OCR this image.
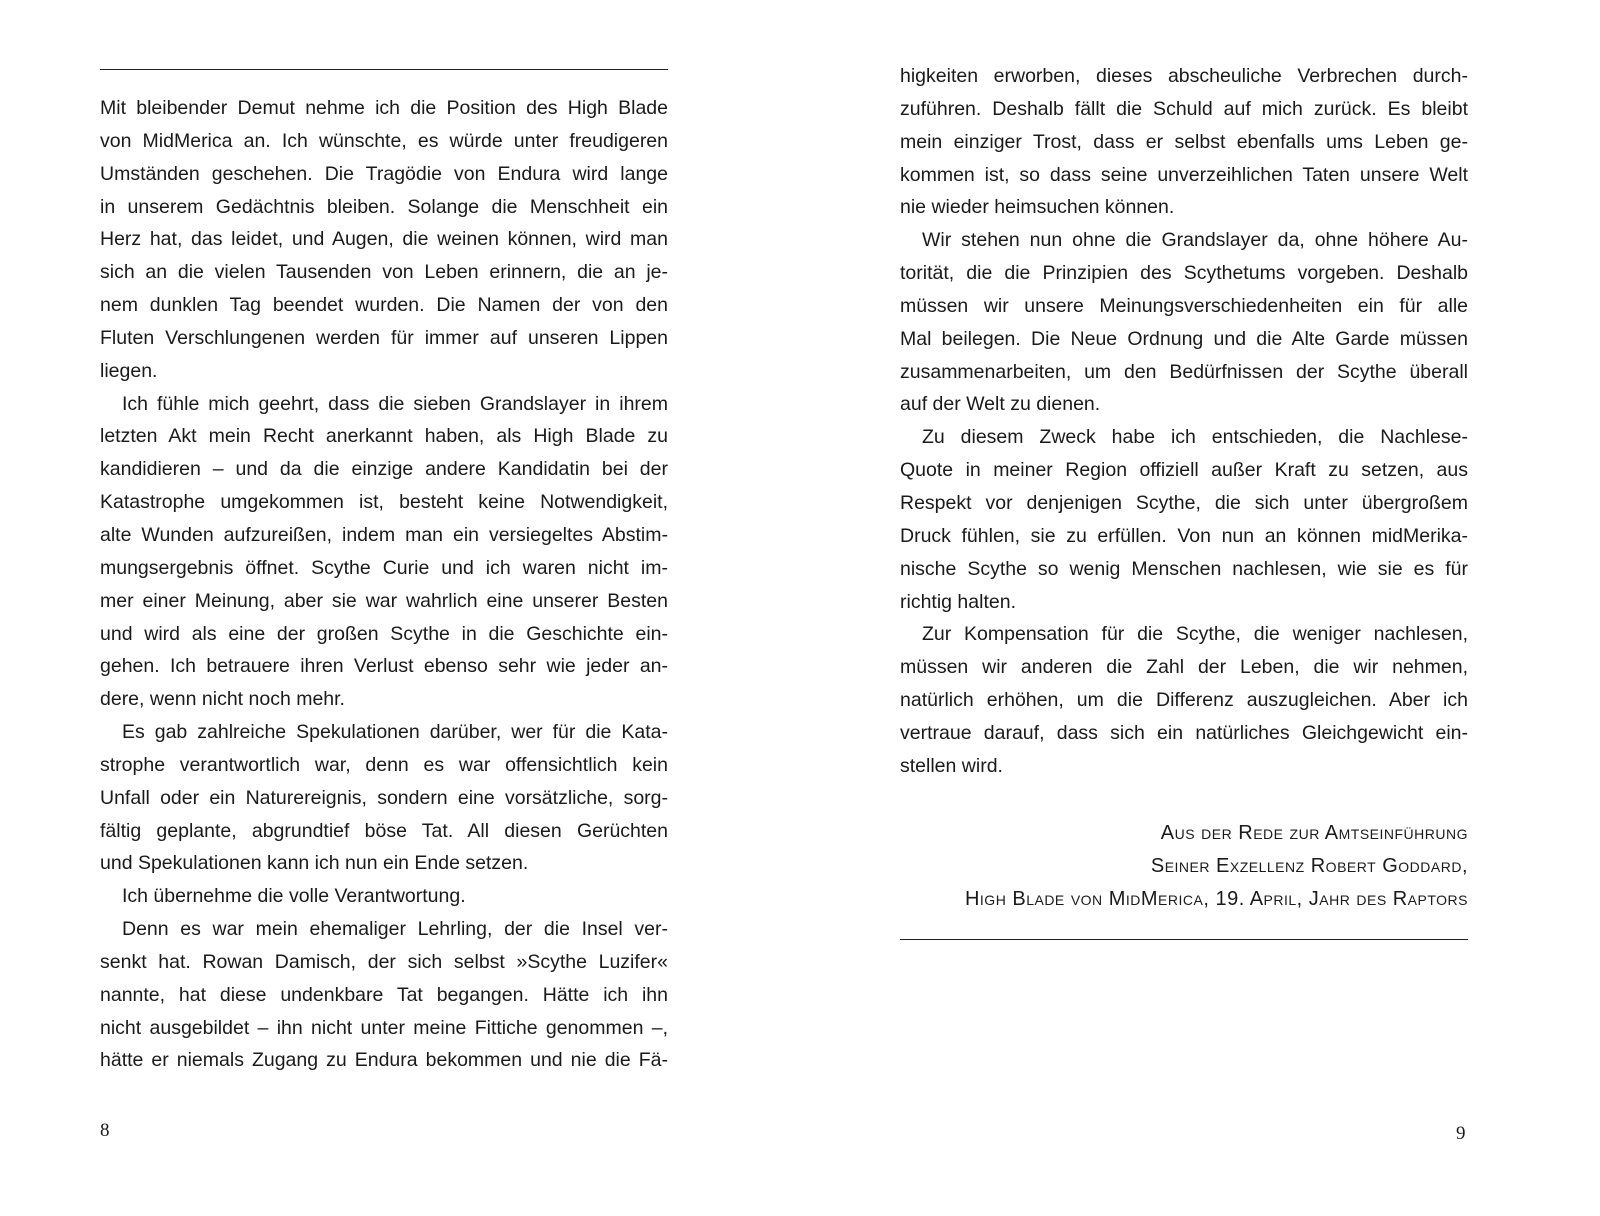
Mit bleibender Demut nehme ich die Position des High Blade
von MidMerica an. Ich wünschte, es würde unter freudigeren
Umständen geschehen. Die Tragödie von Endura wird lange
in unserem Gedächtnis bleiben. Solange die Menschheit ein
Herz hat, das leidet, und Augen, die weinen können, wird man
sich an die vielen Tausenden von Leben erinnern, die an je-
nem dunklen Tag beendet wurden. Die Namen der von den
Fluten Verschlungenen werden für immer auf unseren Lippen
liegen.
Ich fühle mich geehrt, dass die sieben Grandslayer in ihrem
letzten Akt mein Recht anerkannt haben, als High Blade zu
kandidieren – und da die einzige andere Kandidatin bei der
Katastrophe umgekommen ist, besteht keine Notwendigkeit,
alte Wunden aufzureißen, indem man ein versiegeltes Abstim-
mungsergebnis öffnet. Scythe Curie und ich waren nicht im-
mer einer Meinung, aber sie war wahrlich eine unserer Besten
und wird als eine der großen Scythe in die Geschichte ein-
gehen. Ich betrauere ihren Verlust ebenso sehr wie jeder an-
dere, wenn nicht noch mehr.
Es gab zahlreiche Spekulationen darüber, wer für die Kata-
strophe verantwortlich war, denn es war offensichtlich kein
Unfall oder ein Naturereignis, sondern eine vorsätzliche, sorg-
fältig geplante, abgrundtief böse Tat. All diesen Gerüchten
und Spekulationen kann ich nun ein Ende setzen.
Ich übernehme die volle Verantwortung.
Denn es war mein ehemaliger Lehrling, der die Insel ver-
senkt hat. Rowan Damisch, der sich selbst »Scythe Luzifer«
nannte, hat diese undenkbare Tat begangen. Hätte ich ihn
nicht ausgebildet – ihn nicht unter meine Fittiche genommen –,
hätte er niemals Zugang zu Endura bekommen und nie die Fä-
8
higkeiten erworben, dieses abscheuliche Verbrechen durch-
zuführen. Deshalb fällt die Schuld auf mich zurück. Es bleibt
mein einziger Trost, dass er selbst ebenfalls ums Leben ge-
kommen ist, so dass seine unverzeihlichen Taten unsere Welt
nie wieder heimsuchen können.
Wir stehen nun ohne die Grandslayer da, ohne höhere Au-
torität, die die Prinzipien des Scythetums vorgeben. Deshalb
müssen wir unsere Meinungsverschiedenheiten ein für alle
Mal beilegen. Die Neue Ordnung und die Alte Garde müssen
zusammenarbeiten, um den Bedürfnissen der Scythe überall
auf der Welt zu dienen.
Zu diesem Zweck habe ich entschieden, die Nachlese-
Quote in meiner Region offiziell außer Kraft zu setzen, aus
Respekt vor denjenigen Scythe, die sich unter übergroßem
Druck fühlen, sie zu erfüllen. Von nun an können midMerika-
nische Scythe so wenig Menschen nachlesen, wie sie es für
richtig halten.
Zur Kompensation für die Scythe, die weniger nachlesen,
müssen wir anderen die Zahl der Leben, die wir nehmen,
natürlich erhöhen, um die Differenz auszugleichen. Aber ich
vertraue darauf, dass sich ein natürliches Gleichgewicht ein-
stellen wird.
Aus der Rede zur Amtseinführung
Seiner Exzellenz Robert Goddard,
High Blade von MidMerica, 19. April, Jahr des Raptors
9
